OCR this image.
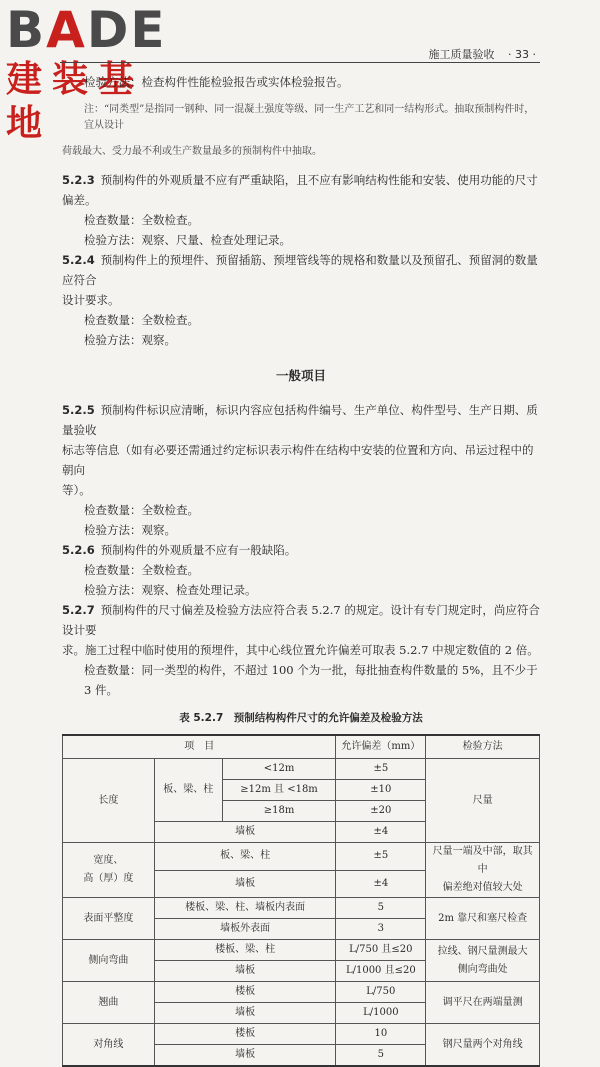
BADE
建装基地
施工质量验收 · 33 ·

检验方法：检查构件性能检验报告或实体检验报告。

注：“同类型”是指同一钢种、同一混凝土强度等级、同一生产工艺和同一结构形式。抽取预制构件时，宜从设计

荷载最大、受力最不利或生产数量最多的预制构件中抽取。

5.2.3 预制构件的外观质量不应有严重缺陷，且不应有影响结构性能和安装、使用功能的尺寸偏差。

检查数量：全数检查。

检验方法：观察、尺量、检查处理记录。

5.2.4 预制构件上的预埋件、预留插筋、预埋管线等的规格和数量以及预留孔、预留洞的数量应符合

设计要求。

检查数量：全数检查。

检验方法：观察。

一般项目

5.2.5 预制构件标识应清晰，标识内容应包括构件编号、生产单位、构件型号、生产日期、质量验收

标志等信息（如有必要还需通过约定标识表示构件在结构中安装的位置和方向、吊运过程中的朝向

等）。

检查数量：全数检查。

检验方法：观察。

5.2.6 预制构件的外观质量不应有一般缺陷。

检查数量：全数检查。

检验方法：观察、检查处理记录。

5.2.7 预制构件的尺寸偏差及检验方法应符合表 5.2.7 的规定。设计有专门规定时，尚应符合设计要

求。施工过程中临时使用的预埋件，其中心线位置允许偏差可取表 5.2.7 中规定数值的 2 倍。

检查数量：同一类型的构件，不超过 100 个为一批，每批抽查构件数量的 5%，且不少于 3 件。

表 5.2.7　预制结构构件尺寸的允许偏差及检验方法
项　目			允许偏差（mm）	检验方法
长度	板、梁、柱	<12m	±5	尺量
		≥12m 且 <18m	±10	
		≥18m	±20	
	墙板		±4	
宽度、
高（厚）度	板、梁、柱		±5	尺量一端及中部，取其中
偏差绝对值较大处
	墙板		±4	
表面平整度	楼板、梁、柱、墙板内表面		5	2m 靠尺和塞尺检查
	墙板外表面		3	
侧向弯曲	楼板、梁、柱		L/750 且≤20	拉线、钢尺量测最大
侧向弯曲处
	墙板		L/1000 且≤20	
翘曲	楼板		L/750	调平尺在两端量测
	墙板		L/1000	
对角线	楼板		10	钢尺量两个对角线
	墙板		5	
